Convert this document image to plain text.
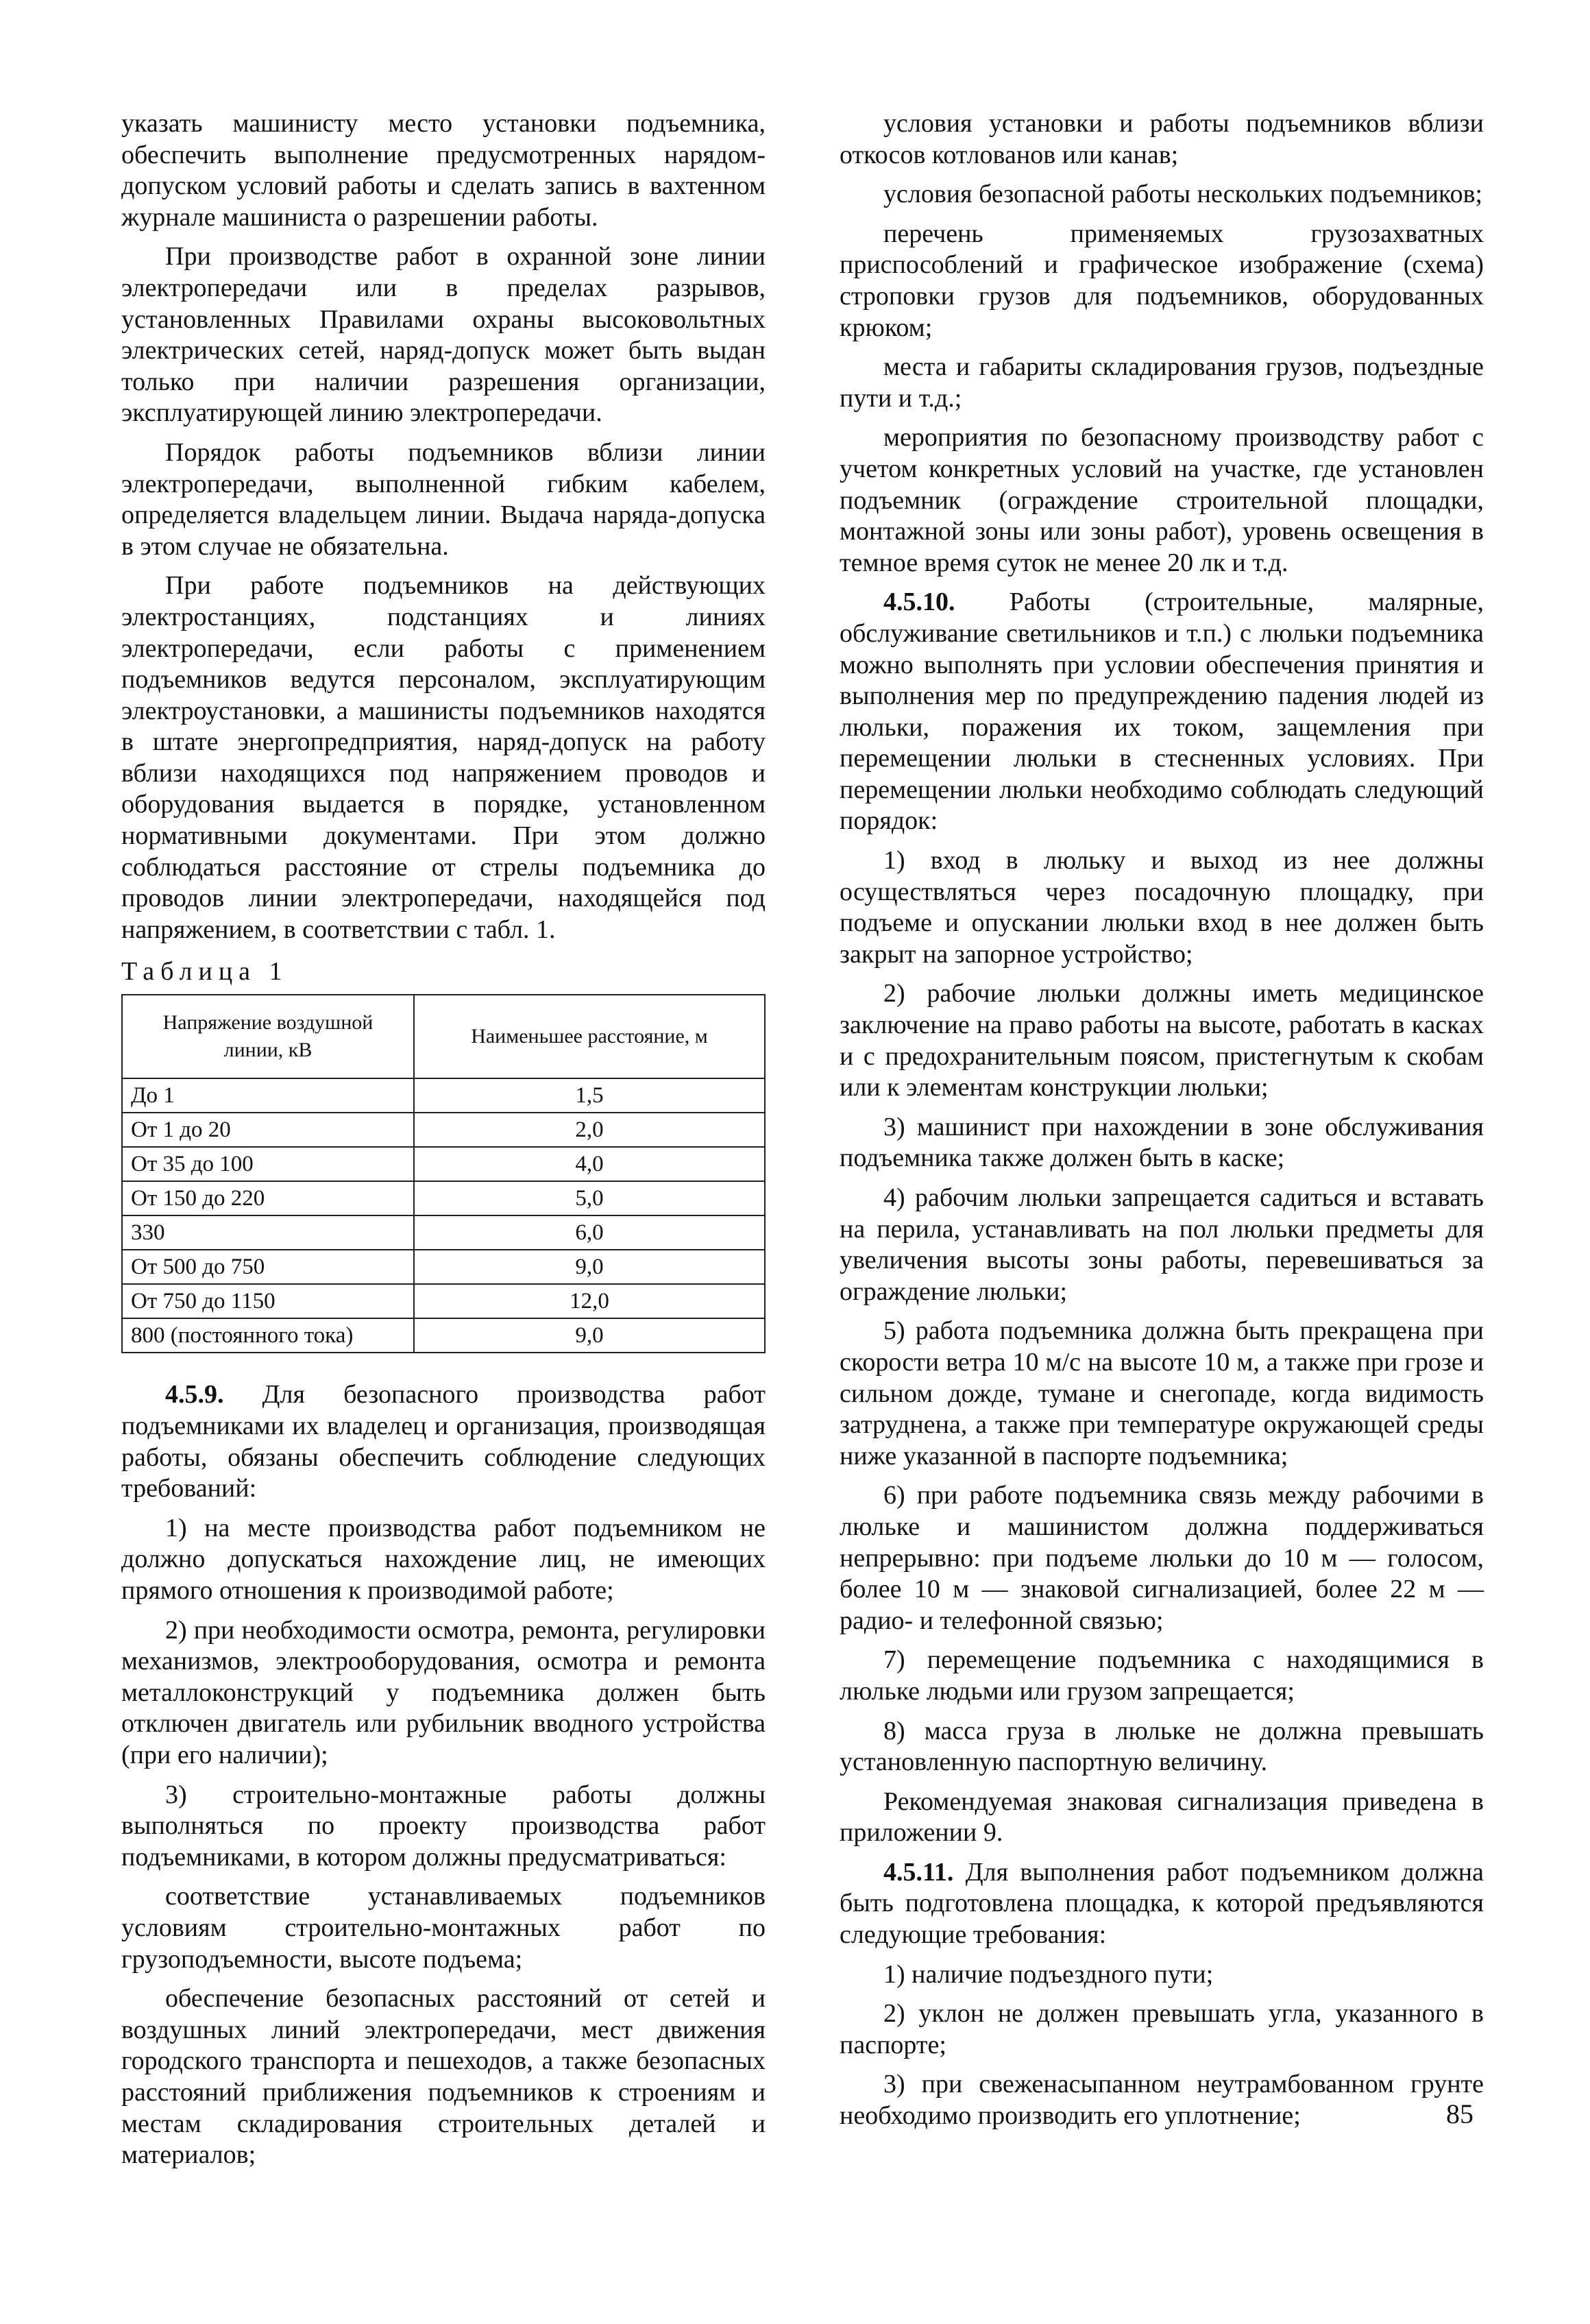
указать машинисту место установки подъемника, обеспечить выполнение предусмотренных нарядом-допуском условий работы и сделать запись в вахтенном журнале машиниста о разрешении работы.

При производстве работ в охранной зоне линии электропередачи или в пределах разрывов, установленных Правилами охраны высоковольтных электрических сетей, наряд-допуск может быть выдан только при наличии разрешения организации, эксплуатирующей линию электропередачи.

Порядок работы подъемников вблизи линии электропередачи, выполненной гибким кабелем, определяется владельцем линии. Выдача наряда-допуска в этом случае не обязательна.

При работе подъемников на действующих электростанциях, подстанциях и линиях электропередачи, если работы с применением подъемников ведутся персоналом, эксплуатирующим электроустановки, а машинисты подъемников находятся в штате энергопредприятия, наряд-допуск на работу вблизи находящихся под напряжением проводов и оборудования выдается в порядке, установленном нормативными документами. При этом должно соблюдаться расстояние от стрелы подъемника до проводов линии электропередачи, находящейся под напряжением, в соответствии с табл. 1.

Таблица 1
Напряжение воздушной линии, кВ	Наименьшее расстояние, м
До 1	1,5
От 1 до 20	2,0
От 35 до 100	4,0
От 150 до 220	5,0
330	6,0
От 500 до 750	9,0
От 750 до 1150	12,0
800 (постоянного тока)	9,0

4.5.9. Для безопасного производства работ подъемниками их владелец и организация, производящая работы, обязаны обеспечить соблюдение следующих требований:

1) на месте производства работ подъемником не должно допускаться нахождение лиц, не имеющих прямого отношения к производимой работе;

2) при необходимости осмотра, ремонта, регулировки механизмов, электрооборудования, осмотра и ремонта металлоконструкций у подъемника должен быть отключен двигатель или рубильник вводного устройства (при его наличии);

3) строительно-монтажные работы должны выполняться по проекту производства работ подъемниками, в котором должны предусматриваться:

соответствие устанавливаемых подъемников условиям строительно-монтажных работ по грузоподъемности, высоте подъема;

обеспечение безопасных расстояний от сетей и воздушных линий электропередачи, мест движения городского транспорта и пешеходов, а также безопасных расстояний приближения подъемников к строениям и местам складирования строительных деталей и материалов;

условия установки и работы подъемников вблизи откосов котлованов или канав;

условия безопасной работы нескольких подъемников;

перечень применяемых грузозахватных приспособлений и графическое изображение (схема) строповки грузов для подъемников, оборудованных крюком;

места и габариты складирования грузов, подъездные пути и т.д.;

мероприятия по безопасному производству работ с учетом конкретных условий на участке, где установлен подъемник (ограждение строительной площадки, монтажной зоны или зоны работ), уровень освещения в темное время суток не менее 20 лк и т.д.

4.5.10. Работы (строительные, малярные, обслуживание светильников и т.п.) с люльки подъемника можно выполнять при условии обеспечения принятия и выполнения мер по предупреждению падения людей из люльки, поражения их током, защемления при перемещении люльки в стесненных условиях. При перемещении люльки необходимо соблюдать следующий порядок:

1) вход в люльку и выход из нее должны осуществляться через посадочную площадку, при подъеме и опускании люльки вход в нее должен быть закрыт на запорное устройство;

2) рабочие люльки должны иметь медицинское заключение на право работы на высоте, работать в касках и с предохранительным поясом, пристегнутым к скобам или к элементам конструкции люльки;

3) машинист при нахождении в зоне обслуживания подъемника также должен быть в каске;

4) рабочим люльки запрещается садиться и вставать на перила, устанавливать на пол люльки предметы для увеличения высоты зоны работы, перевешиваться за ограждение люльки;

5) работа подъемника должна быть прекращена при скорости ветра 10 м/с на высоте 10 м, а также при грозе и сильном дожде, тумане и снегопаде, когда видимость затруднена, а также при температуре окружающей среды ниже указанной в паспорте подъемника;

6) при работе подъемника связь между рабочими в люльке и машинистом должна поддерживаться непрерывно: при подъеме люльки до 10 м — голосом, более 10 м — знаковой сигнализацией, более 22 м — радио- и телефонной связью;

7) перемещение подъемника с находящимися в люльке людьми или грузом запрещается;

8) масса груза в люльке не должна превышать установленную паспортную величину.

Рекомендуемая знаковая сигнализация приведена в приложении 9.

4.5.11. Для выполнения работ подъемником должна быть подготовлена площадка, к которой предъявляются следующие требования:

1) наличие подъездного пути;

2) уклон не должен превышать угла, указанного в паспорте;

3) при свеженасыпанном неутрамбованном грунте необходимо производить его уплотнение;	85
